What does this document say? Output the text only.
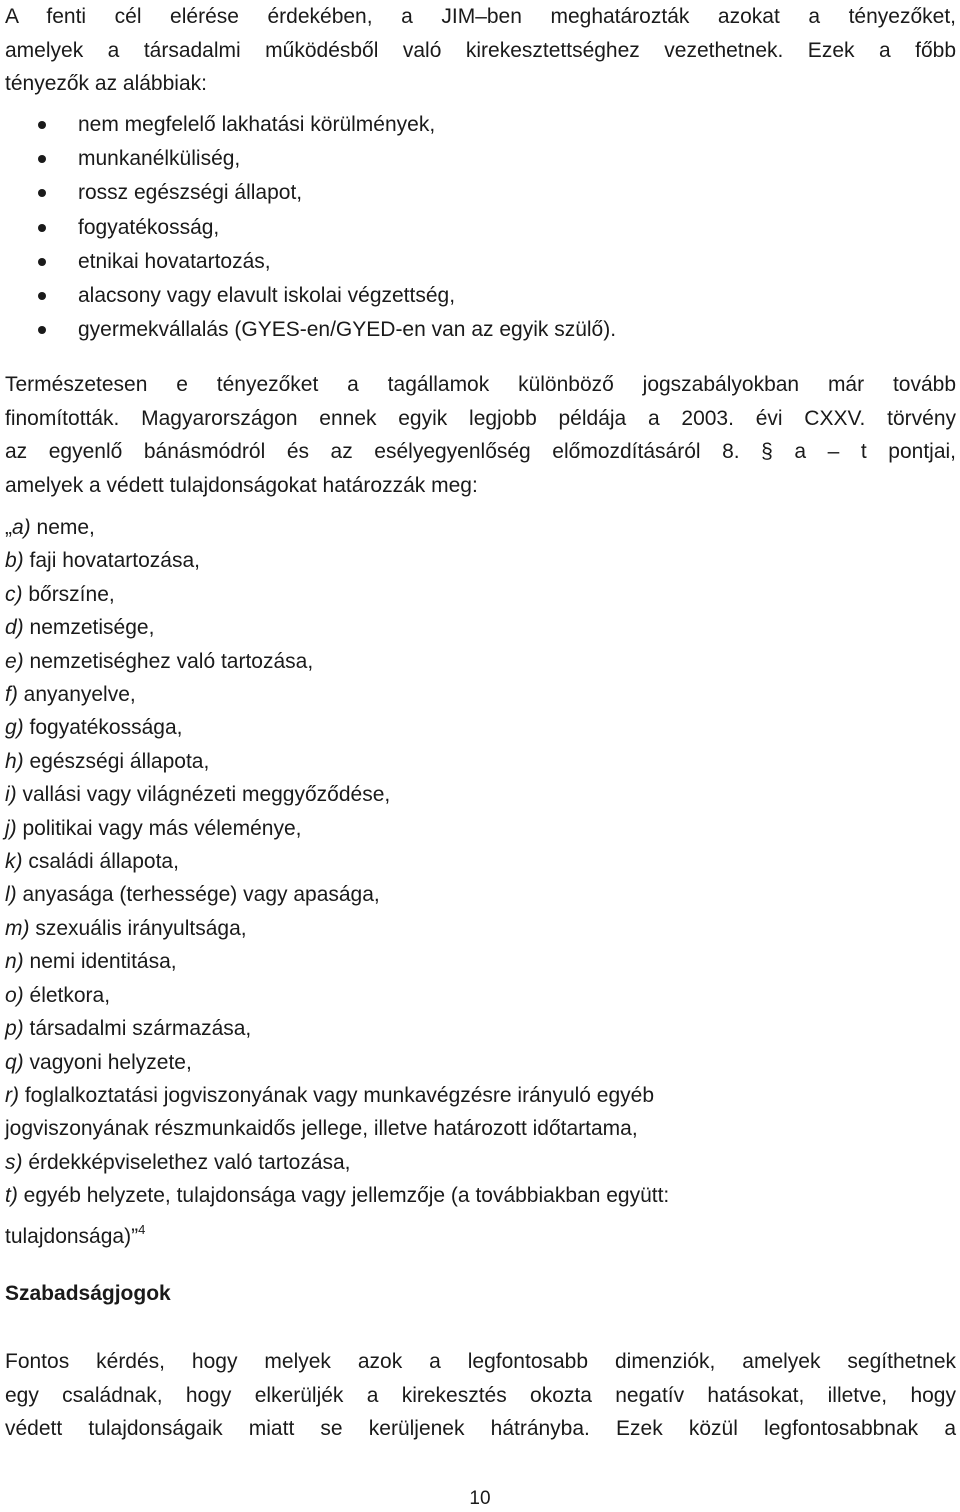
A fenti cél elérése érdekében, a JIM–ben meghatározták azokat a tényezőket,
amelyek a társadalmi működésből való kirekesztettséghez vezethetnek. Ezek a főbb
tényezők az alábbiak:

nem megfelelő lakhatási körülmények,
munkanélküliség,
rossz egészségi állapot,
fogyatékosság,
etnikai hovatartozás,
alacsony vagy elavult iskolai végzettség,
gyermekvállalás (GYES-en/GYED-en van az egyik szülő).

Természetesen e tényezőket a tagállamok különböző jogszabályokban már tovább
finomították. Magyarországon ennek egyik legjobb példája a 2003. évi CXXV. törvény
az egyenlő bánásmódról és az esélyegyenlőség előmozdításáról 8. § a – t pontjai,
amelyek a védett tulajdonságokat határozzák meg:

„a) neme,
b) faji hovatartozása,
c) bőrszíne,
d) nemzetisége,
e) nemzetiséghez való tartozása,
f) anyanyelve,
g) fogyatékossága,
h) egészségi állapota,
i) vallási vagy világnézeti meggyőződése,
j) politikai vagy más véleménye,
k) családi állapota,
l) anyasága (terhessége) vagy apasága,
m) szexuális irányultsága,
n) nemi identitása,
o) életkora,
p) társadalmi származása,
q) vagyoni helyzete,
r) foglalkoztatási jogviszonyának vagy munkavégzésre irányuló egyéb
jogviszonyának részmunkaidős jellege, illetve határozott időtartama,
s) érdekképviselethez való tartozása,
t) egyéb helyzete, tulajdonsága vagy jellemzője (a továbbiakban együtt:
tulajdonsága)”$^4$
Szabadságjogok

Fontos kérdés, hogy melyek azok a legfontosabb dimenziók, amelyek segíthetnek
egy családnak, hogy elkerüljék a kirekesztés okozta negatív hatásokat, illetve, hogy
védett tulajdonságaik miatt se kerüljenek hátrányba. Ezek közül legfontosabbnak a

10
